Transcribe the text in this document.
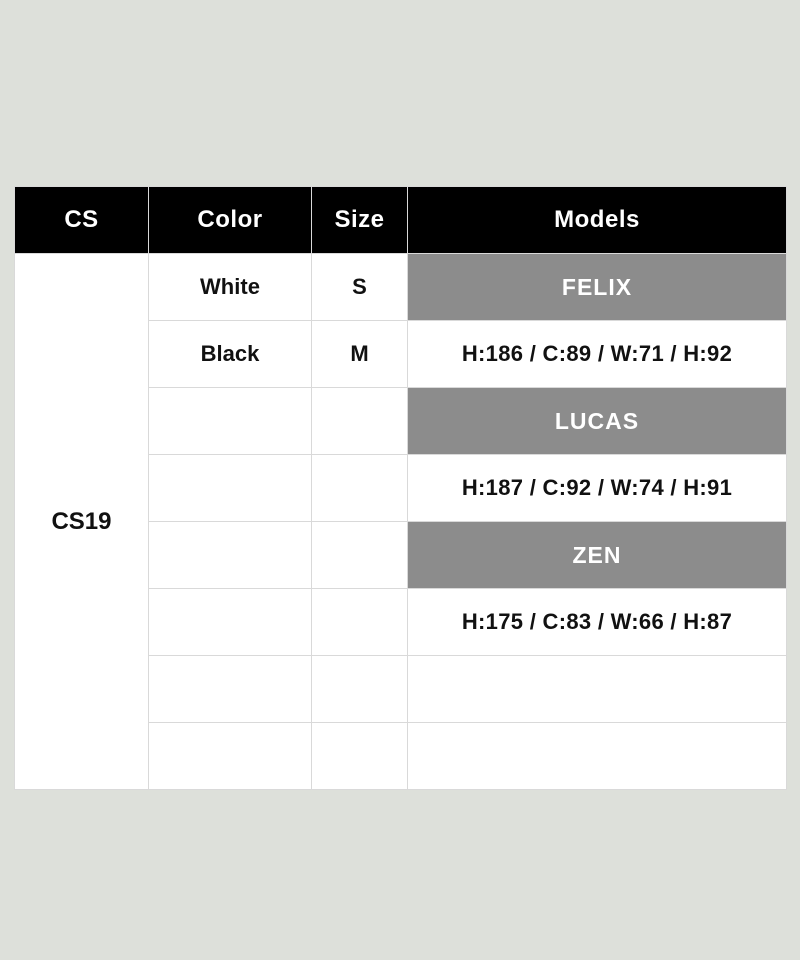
CS	Color	Size	Models
CS19	White	S	FELIX
	Black	M	H:186 / C:89 / W:71 / H:92
			LUCAS
			H:187 / C:92 / W:74 / H:91
			ZEN
			H:175 / C:83 / W:66 / H:87
